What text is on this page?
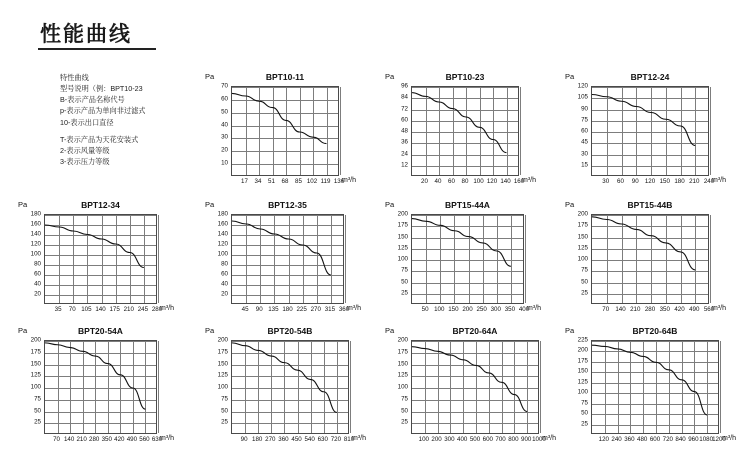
性能曲线
特性曲线
型号说明（例：BPT10-23
B-表示产品名称代号
p-表示产品为单向非过滤式
10-表示出口直径
T-表示产品为天花安装式
2-表示风量等级
3-表示压力等级
BPT10-11
Pa
10
20
30
40
50
60
70
17 34 51 68 85 102 119 136
m³/h
BPT10-23
Pa
12
24
36
48
60
72
84
96
20 40 60 80 100 120 140 160
m³/h
BPT12-24
Pa
15
30
45
60
75
90
105
120
30 60 90 120 150 180 210 240
m³/h
BPT12-34
Pa
20
40
60
80
100
120
140
160
180
35 70 105 140 175 210 245 280
m³/h
BPT12-35
Pa
20
40
60
80
100
120
140
160
180
45 90 135 180 225 270 315 360
m³/h
BPT15-44A
Pa
25
50
75
100
125
150
175
200
50 100 150 200 250 300 350 400
m³/h
BPT15-44B
Pa
25
50
75
100
125
150
175
200
70 140 210 280 350 420 490 560
m³/h
BPT20-54A
Pa
25
50
75
100
125
150
175
200
70 140 210 280 350 420 490 560 630
m³/h
BPT20-54B
Pa
25
50
75
100
125
150
175
200
90 180 270 360 450 540 630 720 810
m³/h
BPT20-64A
Pa
25
50
75
100
125
150
175
200
100 200 300 400 500 600 700 800 900 1000
m³/h
BPT20-64B
Pa
25
50
75
100
125
150
175
200
225
120 240 360 480 600 720 840 960 1080 1200
m³/h
